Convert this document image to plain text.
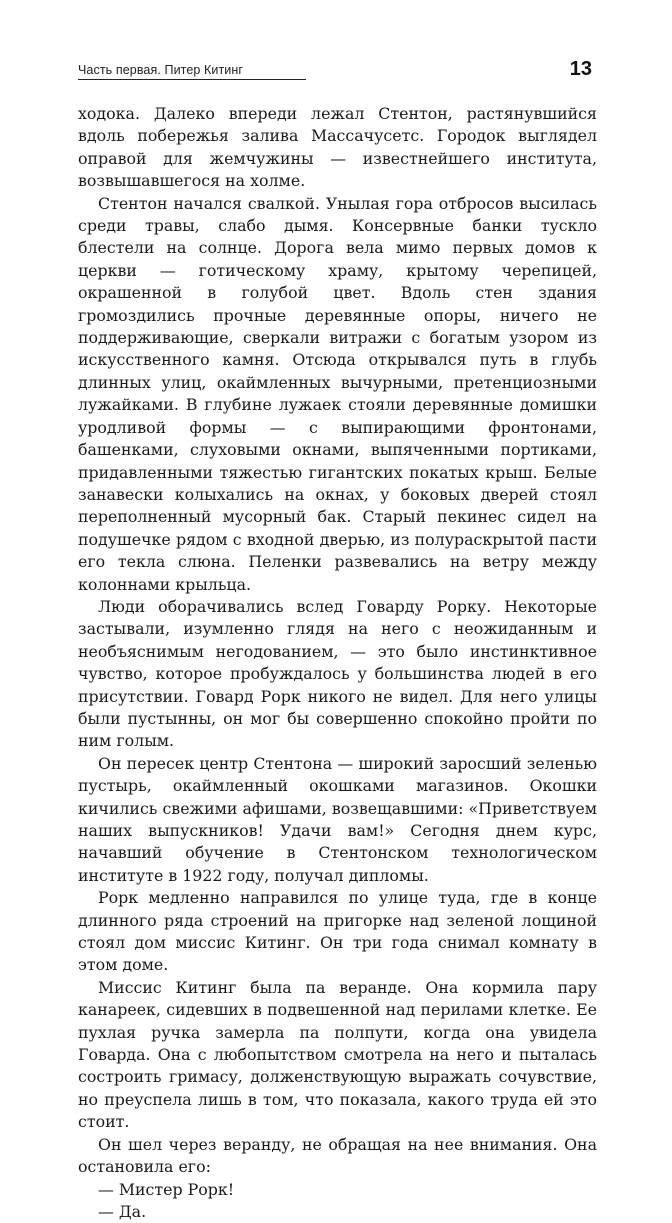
Часть первая. Питер Китинг	13

ходока. Далеко впереди лежал Стентон, растянувшийся вдоль побережья залива Массачусетс. Городок выглядел оправой для жемчужины — известнейшего института, возвышавшегося на холме.

Стентон начался свалкой. Унылая гора отбросов высилась среди травы, слабо дымя. Консервные банки тускло блестели на солнце. Дорога вела мимо первых домов к церкви — готическому храму, крытому черепицей, окрашенной в голубой цвет. Вдоль стен здания громоздились прочные деревянные опоры, ничего не поддерживающие, сверкали витражи с богатым узором из искусственного камня. Отсюда открывался путь в глубь длинных улиц, окаймленных вычурными, претенциозными лужайками. В глубине лужаек стояли деревянные домишки уродливой формы — с выпирающими фронтонами, башенками, слуховыми окнами, выпяченными портиками, придавленными тяжестью гигантских покатых крыш. Белые занавески колыхались на окнах, у боковых дверей стоял переполненный мусорный бак. Старый пекинес сидел на подушечке рядом с входной дверью, из полураскрытой пасти его текла слюна. Пеленки развевались на ветру между колоннами крыльца.

Люди оборачивались вслед Говарду Рорку. Некоторые застывали, изумленно глядя на него с неожиданным и необъяснимым негодованием, — это было инстинктивное чувство, которое пробуждалось у большинства людей в его присутствии. Говард Рорк никого не видел. Для него улицы были пустынны, он мог бы совершенно спокойно пройти по ним голым.

Он пересек центр Стентона — широкий заросший зеленью пустырь, окаймленный окошками магазинов. Окошки кичились свежими афишами, возвещавшими: «Приветствуем наших выпускников! Удачи вам!» Сегодня днем курс, начавший обучение в Стентонском технологическом институте в 1922 году, получал дипломы.

Рорк медленно направился по улице туда, где в конце длинного ряда строений на пригорке над зеленой лощиной стоял дом миссис Китинг. Он три года снимал комнату в этом доме.

Миссис Китинг была па веранде. Она кормила пару канареек, сидевших в подвешенной над перилами клетке. Ее пухлая ручка замерла па полпути, когда она увидела Говарда. Она с любопытством смотрела на него и пыталась состроить гримасу, долженствующую выражать сочувствие, но преуспела лишь в том, что показала, какого труда ей это стоит.

Он шел через веранду, не обращая на нее внимания. Она остановила его:

— Мистер Рорк!

— Да.
